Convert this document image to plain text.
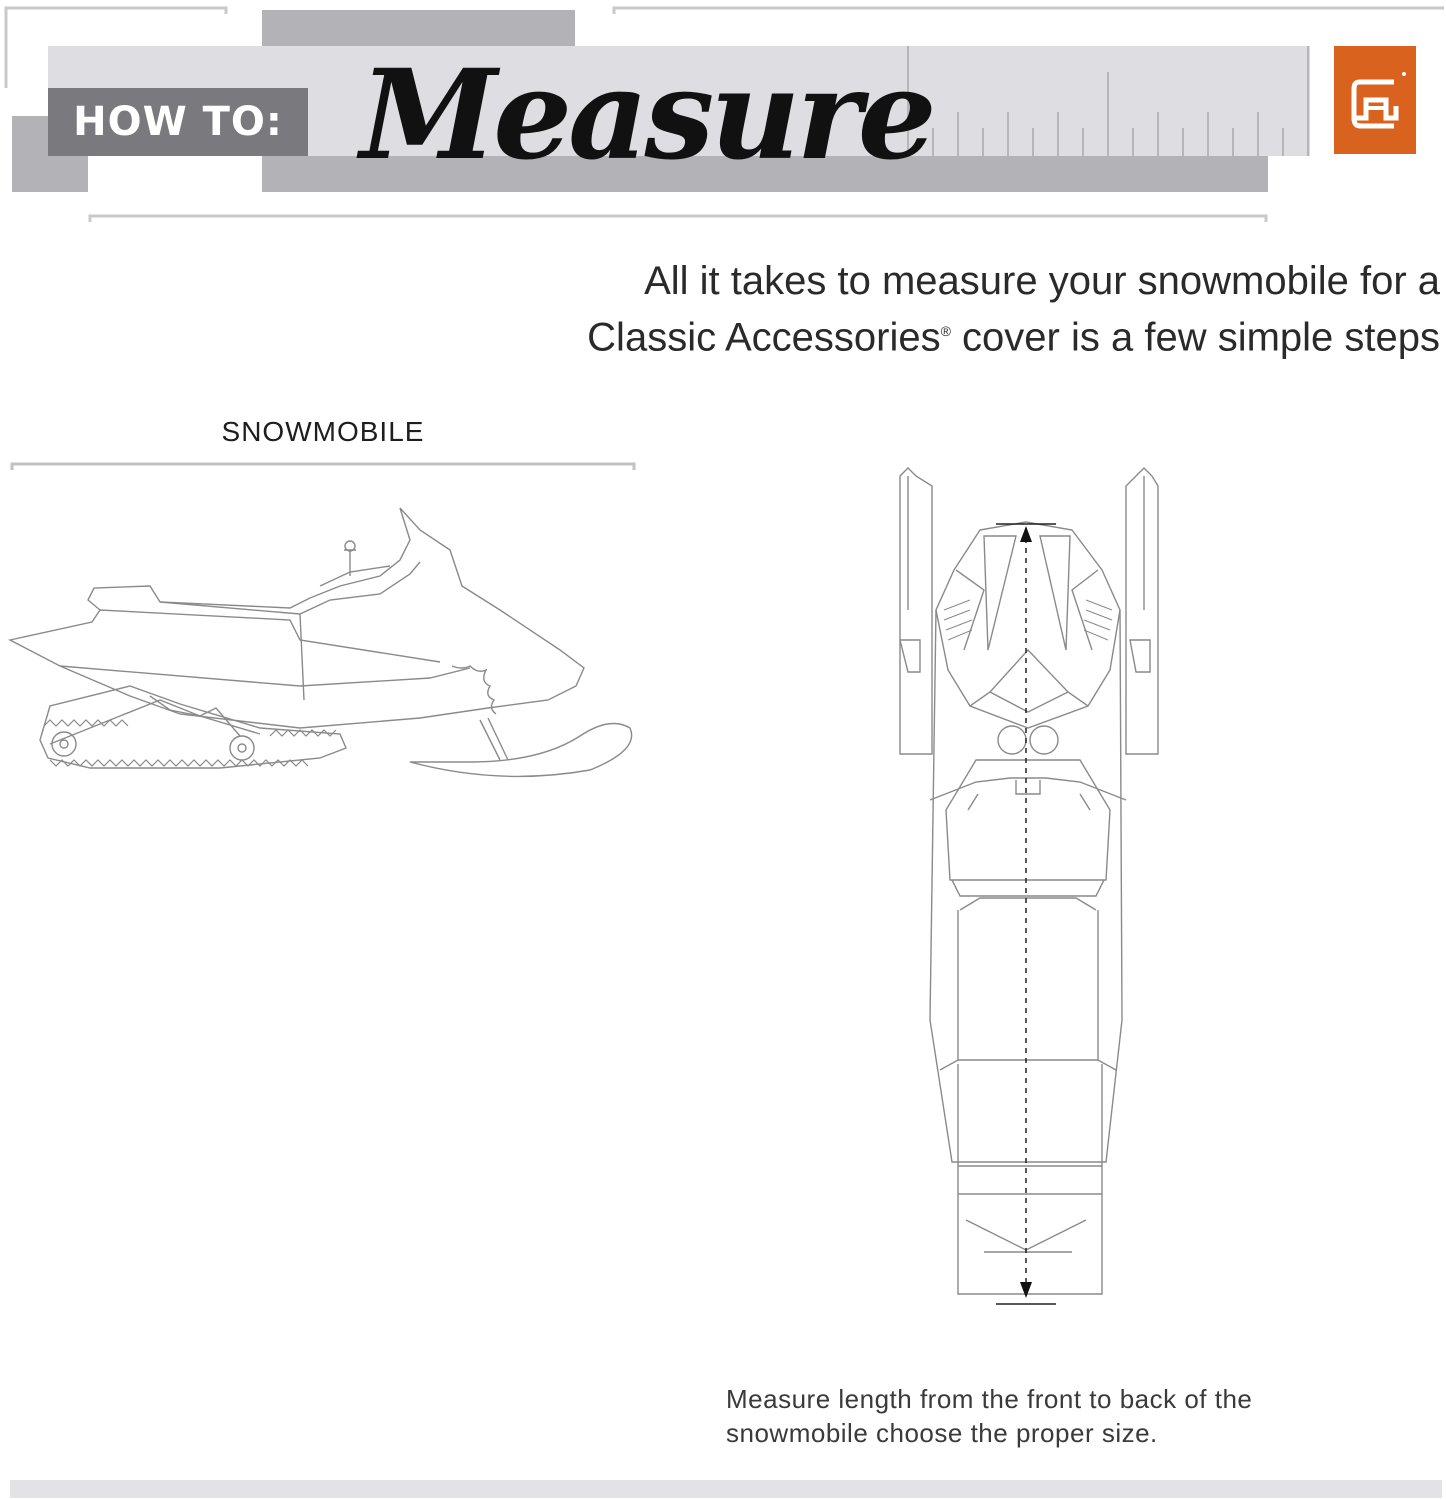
HOW TO: Measure
All it takes to measure your snowmobile for a
Classic Accessories® cover is a few simple steps
SNOWMOBILE
Measure length from the front to back of the
snowmobile choose the proper size.
